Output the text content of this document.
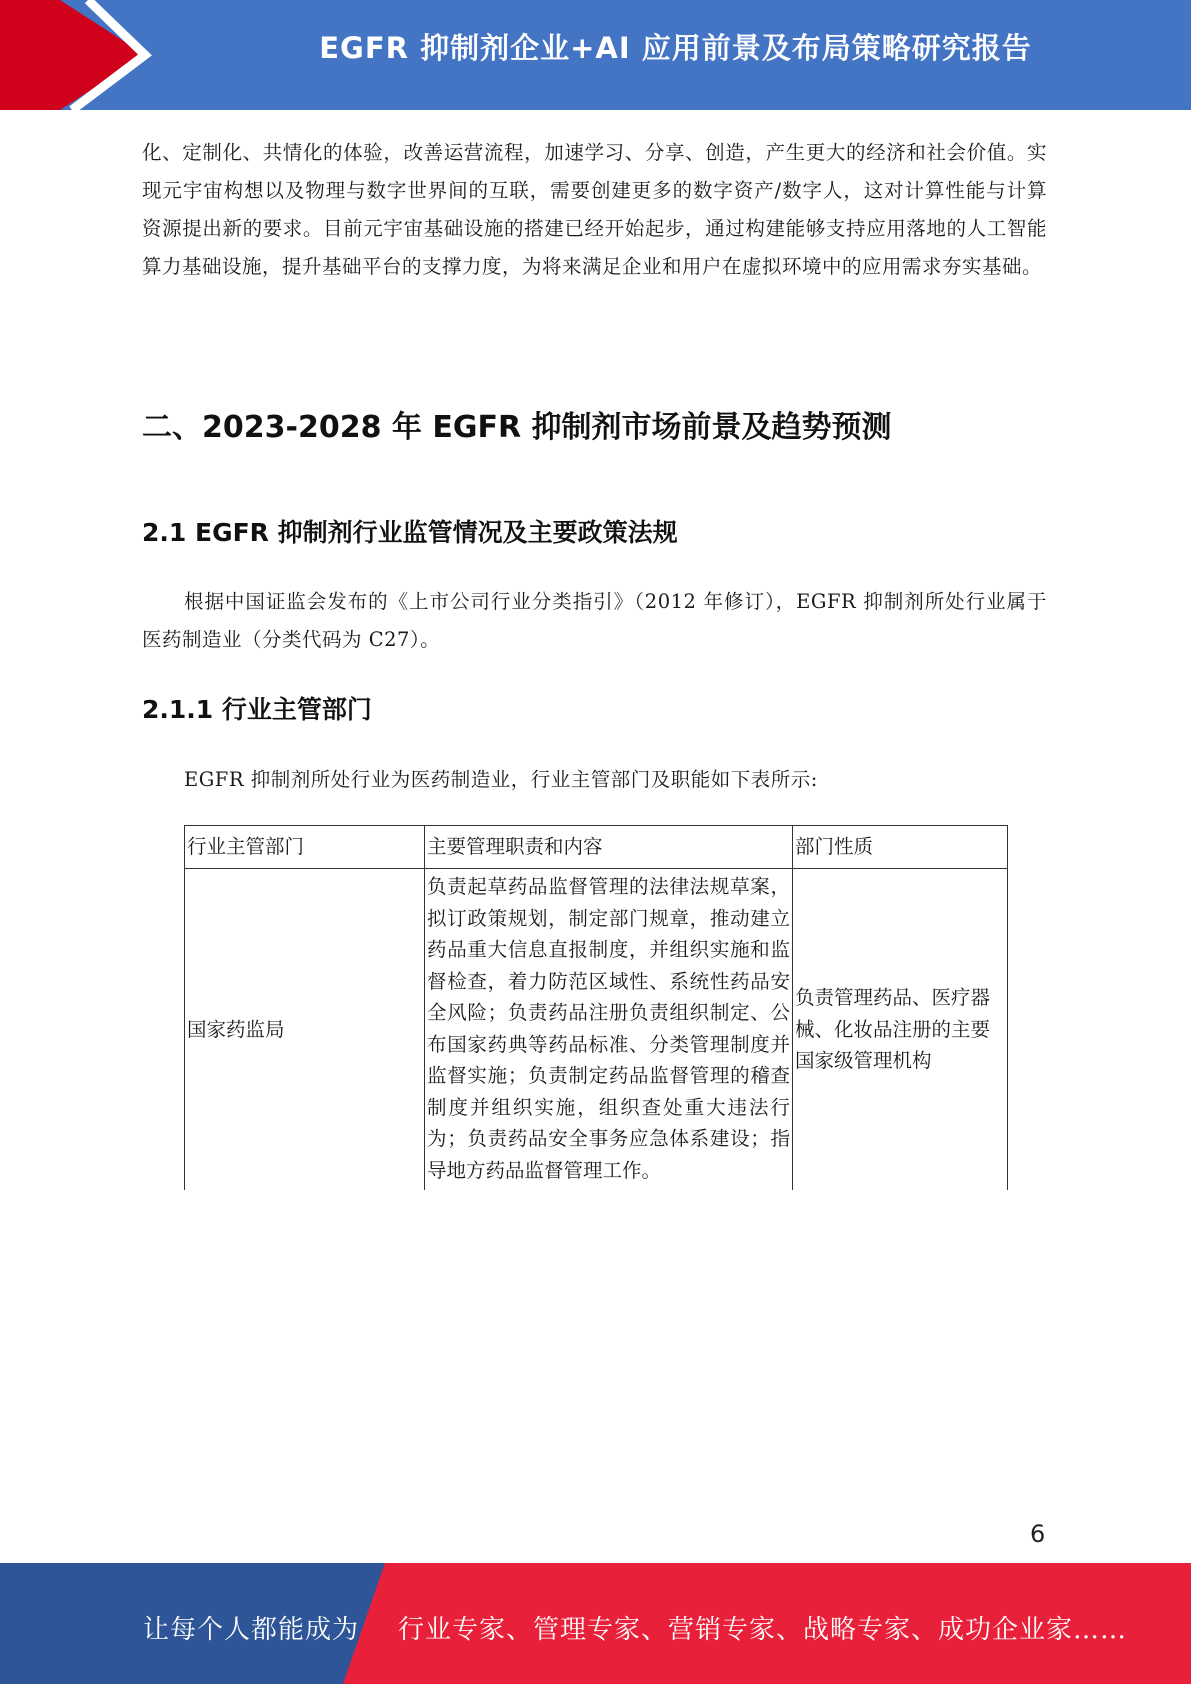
EGFR 抑制剂企业+AI 应用前景及布局策略研究报告

化、定制化、共情化的体验，改善运营流程，加速学习、分享、创造，产生更大的经济和社会价值。实现元宇宙构想以及物理与数字世界间的互联，需要创建更多的数字资产/数字人，这对计算性能与计算资源提出新的要求。目前元宇宙基础设施的搭建已经开始起步，通过构建能够支持应用落地的人工智能算力基础设施，提升基础平台的支撑力度，为将来满足企业和用户在虚拟环境中的应用需求夯实基础。

二、2023-2028 年 EGFR 抑制剂市场前景及趋势预测
2.1 EGFR 抑制剂行业监管情况及主要政策法规

根据中国证监会发布的《上市公司行业分类指引》（2012 年修订），EGFR 抑制剂所处行业属于医药制造业（分类代码为 C27）。

2.1.1 行业主管部门

EGFR 抑制剂所处行业为医药制造业，行业主管部门及职能如下表所示:

行业主管部门	主要管理职责和内容	部门性质
国家药监局	负责起草药品监督管理的法律法规草案，拟订政策规划，制定部门规章，推动建立药品重大信息直报制度，并组织实施和监督检查，着力防范区域性、系统性药品安全风险；负责药品注册负责组织制定、公布国家药典等药品标准、分类管理制度并监督实施；负责制定药品监督管理的稽查制度并组织实施，组织查处重大违法行为；负责药品安全事务应急体系建设；指导地方药品监督管理工作。	负责管理药品、医疗器械、化妆品注册的主要国家级管理机构
6
让每个人都能成为 行业专家、管理专家、营销专家、战略专家、成功企业家……
